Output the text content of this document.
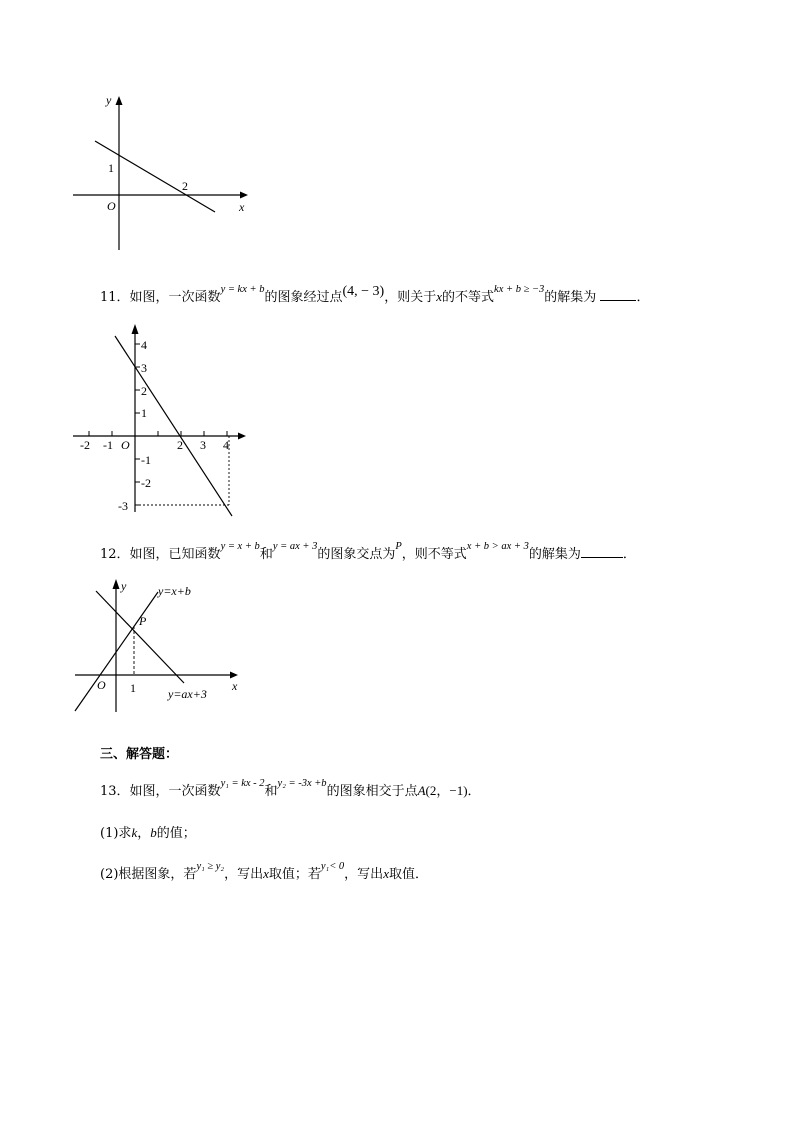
y
x
O
1
2
11．如图，一次函数$^{y = kx + b}$的图象经过点(4, − 3)，则关于x的不等式$^{kx + b \ge -3}$的解集为	．
O
-2 -1	2 3 4
4
3
2
1
-1
-2
-3
12．如图，已知函数$^{y = x + b}$和$^{y = ax + 3}$的图象交点为$^P$，则不等式$^{x + b > ax + 3}$的解集为	．
y
x
O 1
P
y=x+b
y=ax+3
三、解答题：
13．如图，一次函数$^{y_1 = kx - 2}$和$^{y_2 = -3x +b}$的图象相交于点A(2，−1)．
(1)求k，b的值；
(2)根据图象，若$^{y_1 \ge y_2}$，写出x取值；若$^{y_1< 0}$，写出x取值．
